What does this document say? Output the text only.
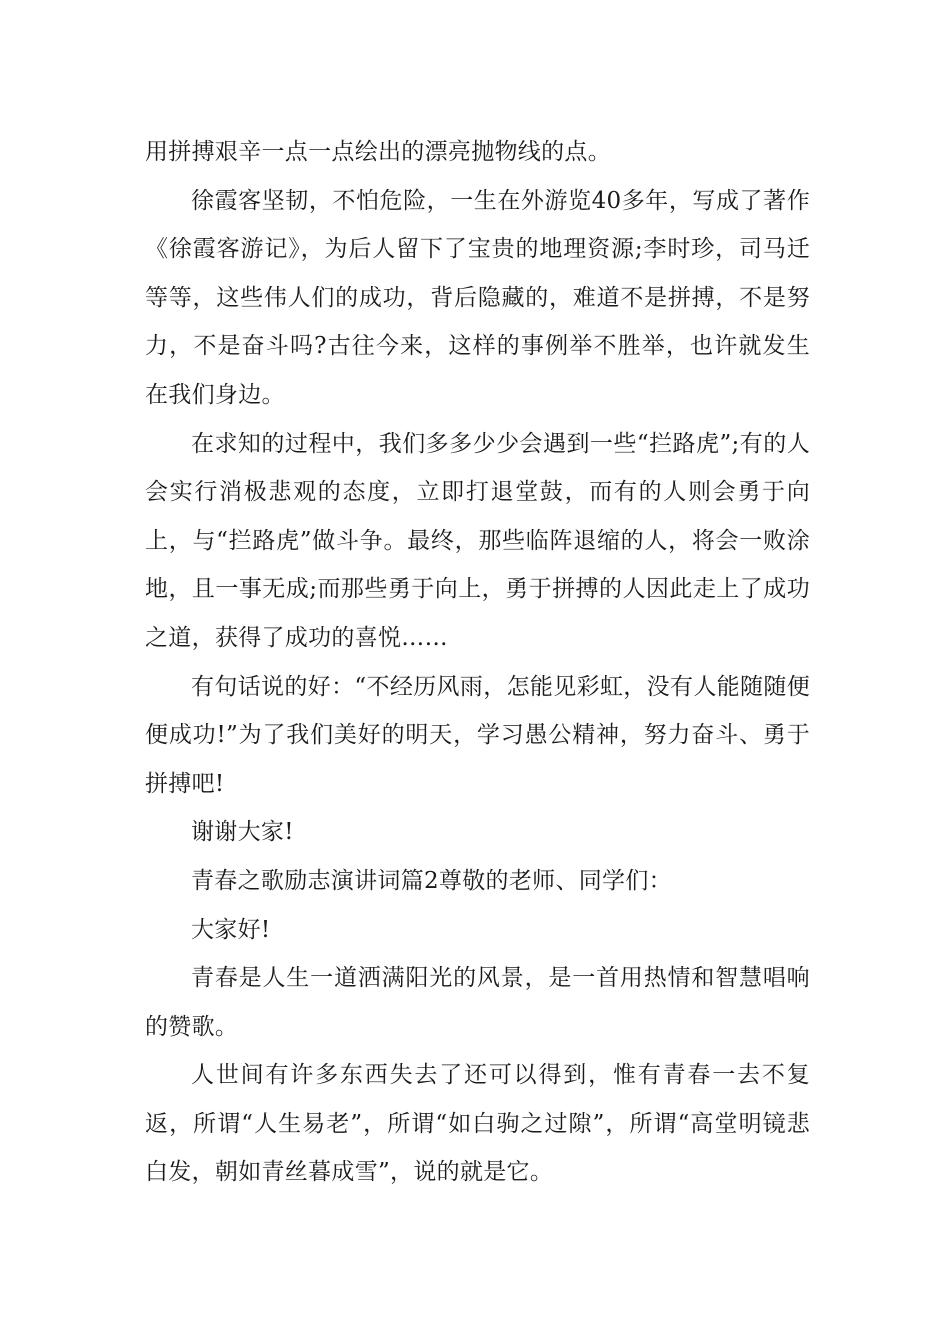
用拼搏艰辛一点一点绘出的漂亮抛物线的点。

徐霞客坚韧，不怕危险，一生在外游览40多年，写成了著作《徐霞客游记》，为后人留下了宝贵的地理资源;李时珍，司马迁等等，这些伟人们的成功，背后隐藏的，难道不是拼搏，不是努力，不是奋斗吗?古往今来，这样的事例举不胜举，也许就发生在我们身边。

在求知的过程中，我们多多少少会遇到一些“拦路虎”;有的人会实行消极悲观的态度，立即打退堂鼓，而有的人则会勇于向上，与“拦路虎”做斗争。最终，那些临阵退缩的人，将会一败涂地，且一事无成;而那些勇于向上，勇于拼搏的人因此走上了成功之道，获得了成功的喜悦……

有句话说的好：“不经历风雨，怎能见彩虹，没有人能随随便便成功!”为了我们美好的明天，学习愚公精神，努力奋斗、勇于拼搏吧!

谢谢大家!

青春之歌励志演讲词篇2尊敬的老师、同学们：

大家好!

青春是人生一道洒满阳光的风景，是一首用热情和智慧唱响的赞歌。

人世间有许多东西失去了还可以得到，惟有青春一去不复返，所谓“人生易老”，所谓“如白驹之过隙”，所谓“高堂明镜悲白发，朝如青丝暮成雪”，说的就是它。
